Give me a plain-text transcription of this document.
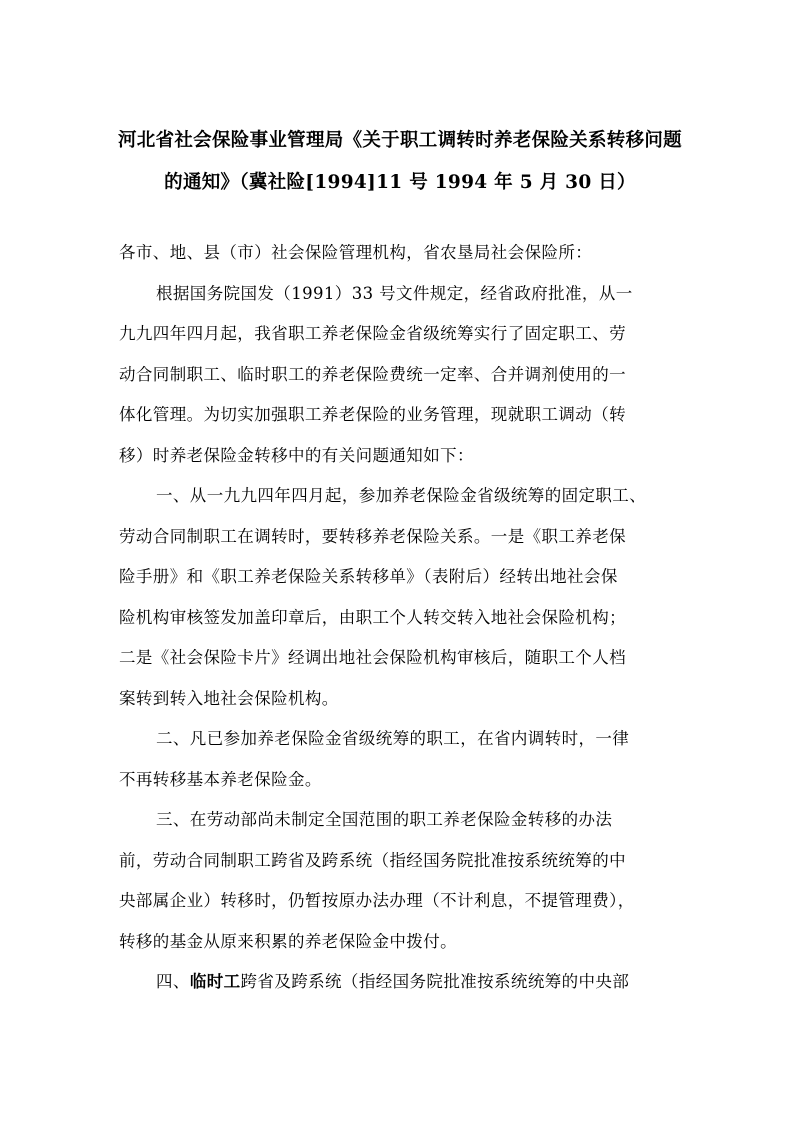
河北省社会保险事业管理局《关于职工调转时养老保险关系转移问题
的通知》（冀社险[1994]11 号 1994 年 5 月 30 日）
各市、地、县（市）社会保险管理机构，省农垦局社会保险所：
根据国务院国发（1991）33 号文件规定，经省政府批准，从一
九九四年四月起，我省职工养老保险金省级统筹实行了固定职工、劳
动合同制职工、临时职工的养老保险费统一定率、合并调剂使用的一
体化管理。为切实加强职工养老保险的业务管理，现就职工调动（转
移）时养老保险金转移中的有关问题通知如下：
一、从一九九四年四月起，参加养老保险金省级统筹的固定职工、
劳动合同制职工在调转时，要转移养老保险关系。一是《职工养老保
险手册》和《职工养老保险关系转移单》（表附后）经转出地社会保
险机构审核签发加盖印章后，由职工个人转交转入地社会保险机构；
二是《社会保险卡片》经调出地社会保险机构审核后，随职工个人档
案转到转入地社会保险机构。
二、凡已参加养老保险金省级统筹的职工，在省内调转时，一律
不再转移基本养老保险金。
三、在劳动部尚未制定全国范围的职工养老保险金转移的办法
前，劳动合同制职工跨省及跨系统（指经国务院批准按系统统筹的中
央部属企业）转移时，仍暂按原办法办理（不计利息，不提管理费），
转移的基金从原来积累的养老保险金中拨付。
四、临时工跨省及跨系统（指经国务院批准按系统统筹的中央部
